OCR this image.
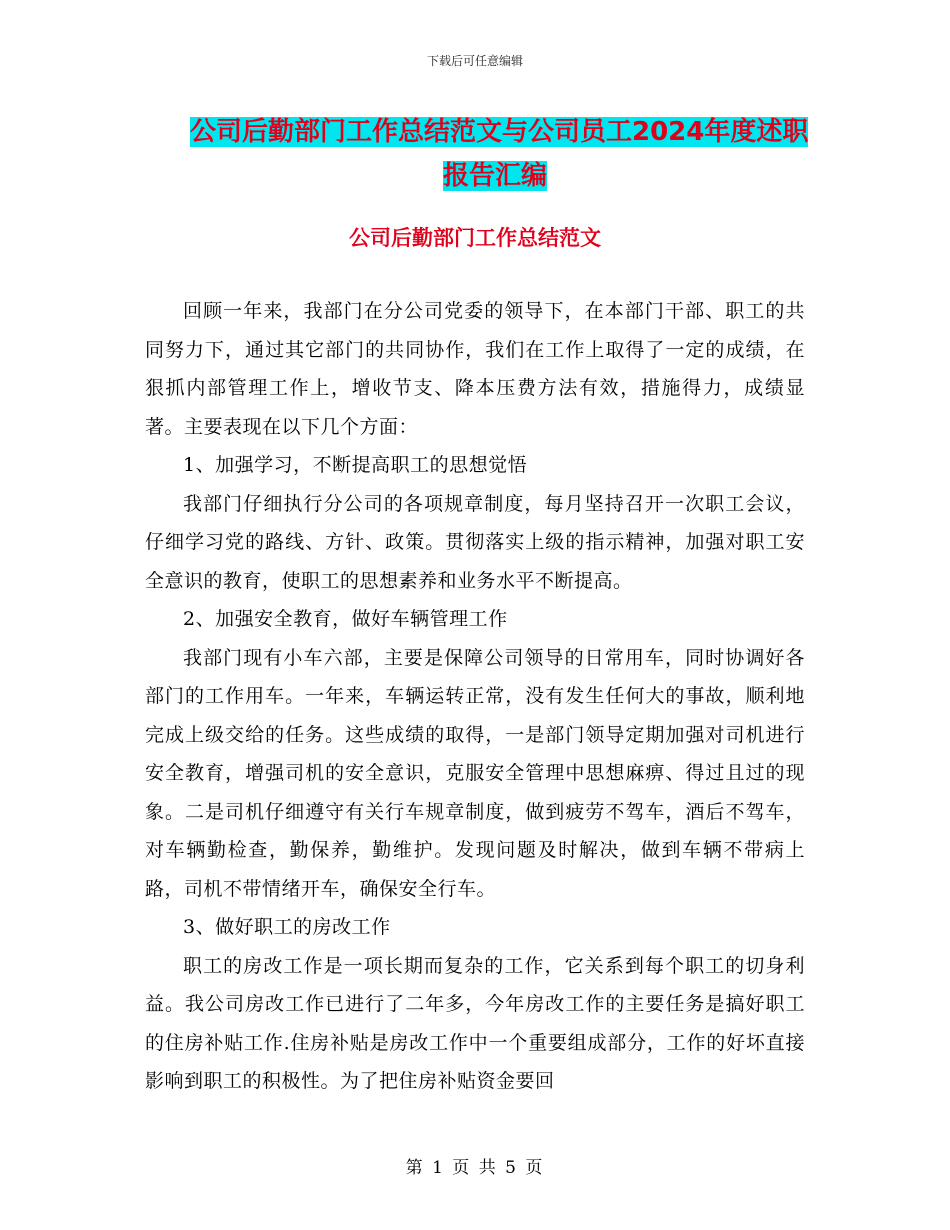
下载后可任意编辑
公司后勤部门工作总结范文与公司员工2024年度述职
报告汇编
公司后勤部门工作总结范文

回顾一年来，我部门在分公司党委的领导下，在本部门干部、职工的共同努力下，通过其它部门的共同协作，我们在工作上取得了一定的成绩，在狠抓内部管理工作上，增收节支、降本压费方法有效，措施得力，成绩显著。主要表现在以下几个方面：

1、加强学习，不断提高职工的思想觉悟

我部门仔细执行分公司的各项规章制度，每月坚持召开一次职工会议，仔细学习党的路线、方针、政策。贯彻落实上级的指示精神，加强对职工安全意识的教育，使职工的思想素养和业务水平不断提高。

2、加强安全教育，做好车辆管理工作

我部门现有小车六部，主要是保障公司领导的日常用车，同时协调好各部门的工作用车。一年来，车辆运转正常，没有发生任何大的事故，顺利地完成上级交给的任务。这些成绩的取得，一是部门领导定期加强对司机进行安全教育，增强司机的安全意识，克服安全管理中思想麻痹、得过且过的现象。二是司机仔细遵守有关行车规章制度，做到疲劳不驾车，酒后不驾车，对车辆勤检查，勤保养，勤维护。发现问题及时解决，做到车辆不带病上路，司机不带情绪开车，确保安全行车。

3、做好职工的房改工作

职工的房改工作是一项长期而复杂的工作，它关系到每个职工的切身利益。我公司房改工作已进行了二年多，今年房改工作的主要任务是搞好职工的住房补贴工作.住房补贴是房改工作中一个重要组成部分，工作的好坏直接影响到职工的积极性。为了把住房补贴资金要回

第 1 页 共 5 页
